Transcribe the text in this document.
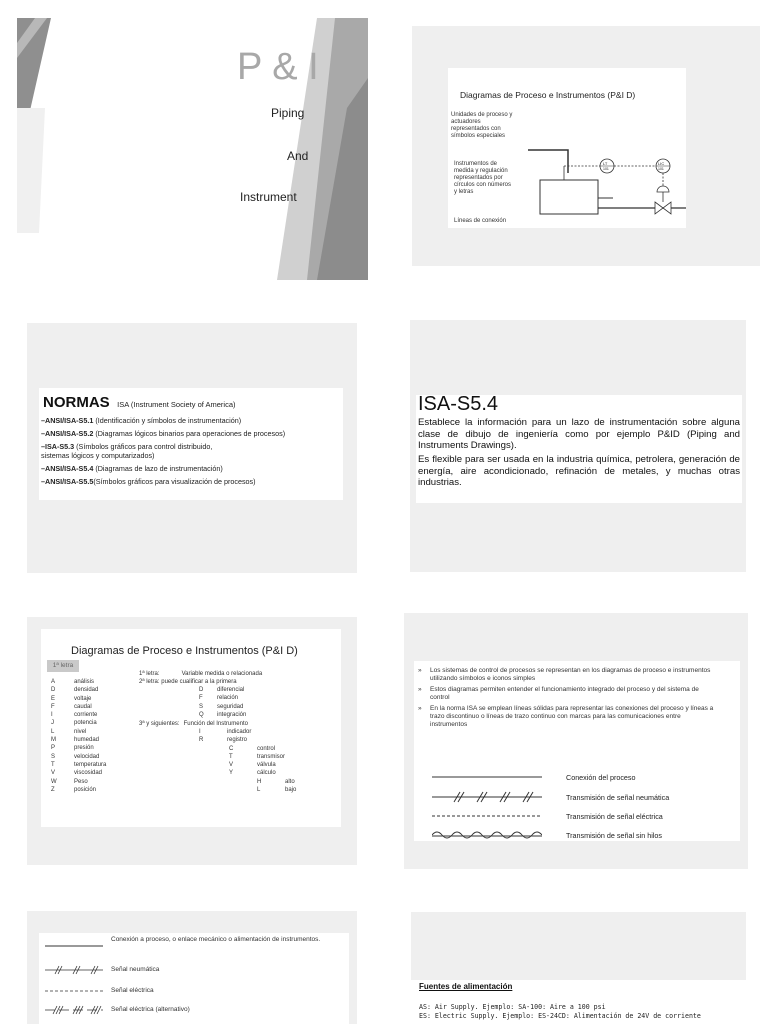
P & I
Piping
And
Instrument
Diagramas de Proceso e Instrumentos (P&I D)
Unidades de proceso y actuadores representados con símbolos especiales
Instrumentos de medida y regulación representados por círculos con números y letras
Líneas de conexión
LT
101
LIC
101
NORMAS ISA (Instrument Society of America)
–ANSI/ISA-S5.1 (Identificación y símbolos de instrumentación)
–ANSI/ISA-S5.2 (Diagramas lógicos binarios para operaciones de procesos)
–ISA-S5.3 (Símbolos gráficos para control distribuido,
sistemas lógicos y computarizados)
–ANSI/ISA-S5.4 (Diagramas de lazo de instrumentación)
–ANSI/ISA-S5.5(Símbolos gráficos para visualización de procesos)
ISA-S5.4
Establece la información para un lazo de instrumentación sobre alguna clase de dibujo de ingeniería como por ejemplo P&ID (Piping and Instruments Drawings).
Es flexible para ser usada en la industria química, petrolera, generación de energía, aire acondicionado, refinación de metales, y muchas otras industrias.
Diagramas de Proceso e Instrumentos (P&I D)
1ª letra
A	análisis
D	densidad
E	voltaje
F	caudal
I	corriente
J	potencia
L	nivel
M	humedad
P	presión
S	velocidad
T	temperatura
V	viscosidad
W	Peso
Z	posición
1ª letra:	Variable medida o relacionada
2ª letra: puede cualificar a la primera
D diferencial
F relación
S seguridad
Q integración
3ª y siguientes: Función del Instrumento
I	indicador
R	registro
C	control
T	transmisor
V	válvula
Y	cálculo
H	alto
L	bajo
»	Los sistemas de control de procesos se representan en los diagramas de proceso e instrumentos utilizando símbolos e iconos simples
»	Estos diagramas permiten entender el funcionamiento integrado del proceso y del sistema de control
»	En la norma ISA se emplean líneas sólidas para representar las conexiones del proceso y líneas a trazo discontinuo o líneas de trazo continuo con marcas para las comunicaciones entre instrumentos
Conexión del proceso
Transmisión de señal neumática
Transmisión de señal eléctrica
Transmisión de señal sin hilos
Conexión a proceso, o enlace mecánico o alimentación de instrumentos.
Señal neumática
Señal eléctrica
Señal eléctrica (alternativo)
Fuentes de alimentación
AS: Air Supply. Ejemplo: SA-100: Aire a 100 psi
ES: Electric Supply. Ejemplo: ES-24CD: Alimentación de 24V de corriente
